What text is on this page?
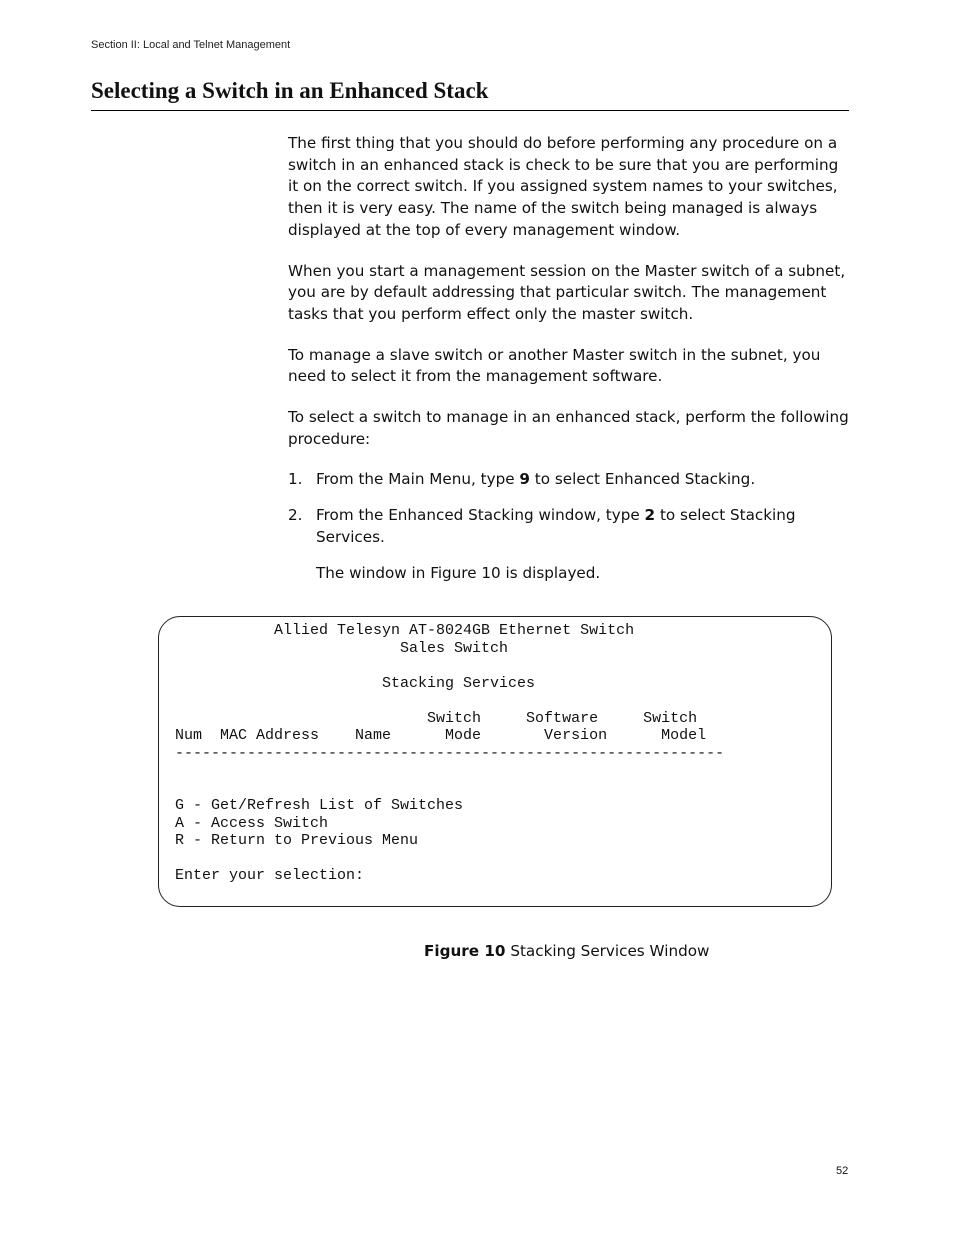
Section II: Local and Telnet Management
Selecting a Switch in an Enhanced Stack

The first thing that you should do before performing any procedure on a switch in an enhanced stack is check to be sure that you are performing it on the correct switch. If you assigned system names to your switches, then it is very easy. The name of the switch being managed is always displayed at the top of every management window.

When you start a management session on the Master switch of a subnet, you are by default addressing that particular switch. The management tasks that you perform effect only the master switch.

To manage a slave switch or another Master switch in the subnet, you need to select it from the management software.

To select a switch to manage in an enhanced stack, perform the following procedure:

1. From the Main Menu, type 9 to select Enhanced Stacking.
2. From the Enhanced Stacking window, type 2 to select Stacking Services.

The window in Figure 10 is displayed.

Allied Telesyn AT-8024GB Ethernet Switch
Sales Switch

Stacking Services

Switch     Software     Switch
Num  MAC Address    Name      Mode       Version      Model
-------------------------------------------------------------

G - Get/Refresh List of Switches
A - Access Switch
R - Return to Previous Menu

Enter your selection:
Figure 10 Stacking Services Window
52
